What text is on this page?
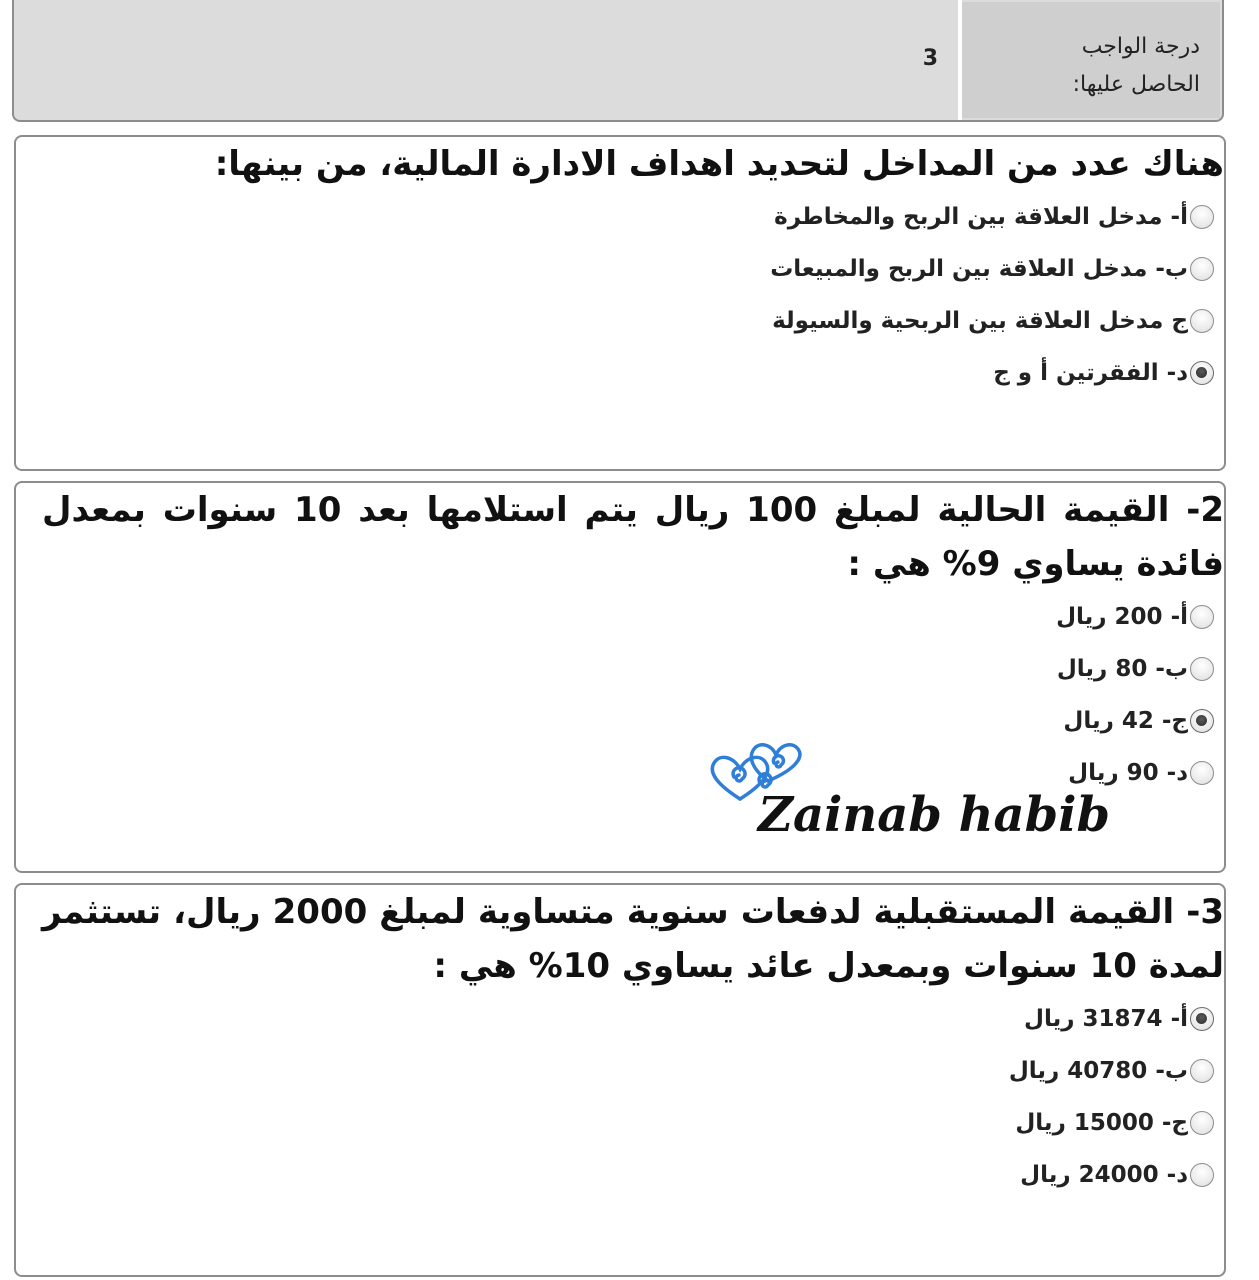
درجة الواجب
الحاصل عليها:
3

هناك عدد من المداخل لتحديد اهداف الادارة المالية، من بينها:

أ- مدخل العلاقة بين الربح والمخاطرة
ب- مدخل العلاقة بين الربح والمبيعات
ج مدخل العلاقة بين الربحية والسيولة
د- الفقرتين أ و ج

2- القيمة الحالية لمبلغ 100 ريال يتم استلامها بعد 10 سنوات بمعدل فائدة يساوي 9% هي :

أ- 200 ريال
ب- 80 ريال
ج- 42 ريال
د- 90 ريال

3- القيمة المستقبلية لدفعات سنوية متساوية لمبلغ 2000 ريال، تستثمر لمدة 10 سنوات وبمعدل عائد يساوي 10% هي :

أ- 31874 ريال
ب- 40780 ريال
ج- 15000 ريال
د- 24000 ريال
Zainab habib
